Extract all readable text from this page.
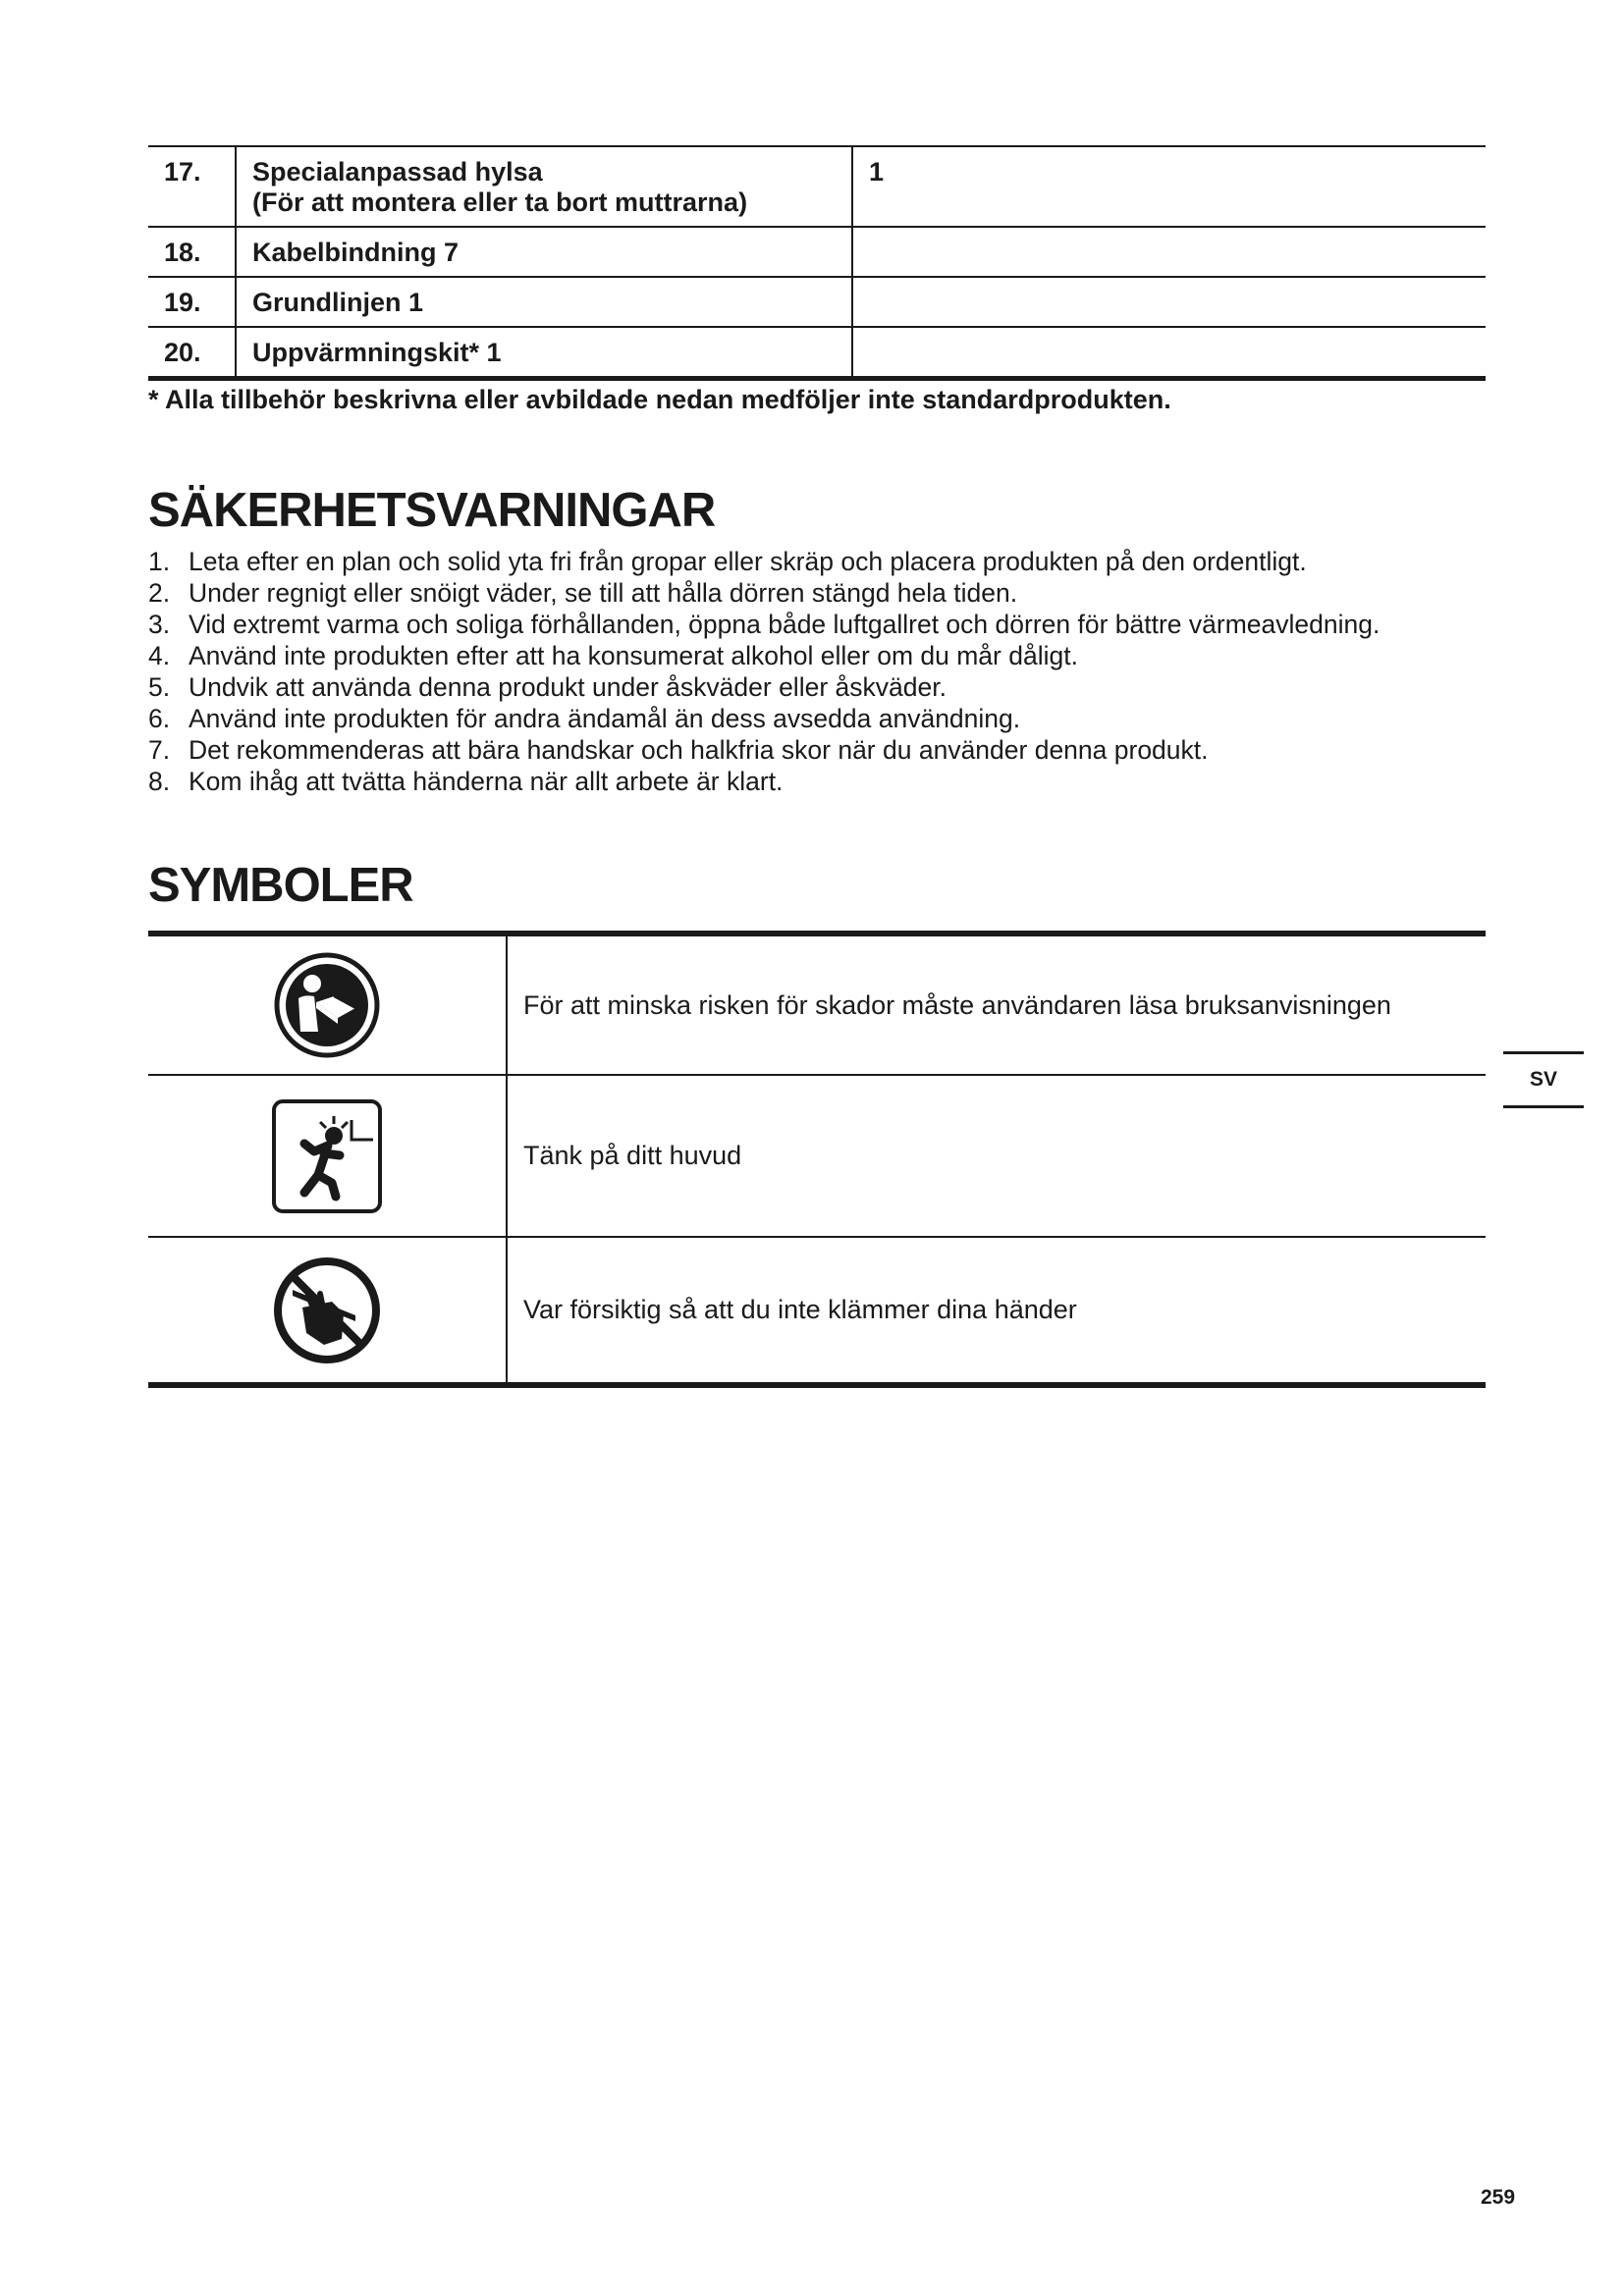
17.	Specialanpassad hylsa
(För att montera eller ta bort muttrarna)	1
18.	Kabelbindning 7	
19.	Grundlinjen 1	
20.	Uppvärmningskit* 1	

* Alla tillbehör beskrivna eller avbildade nedan medföljer inte standardprodukten.

SÄKERHETSVARNINGAR
1. Leta efter en plan och solid yta fri från gropar eller skräp och placera produkten på den ordentligt.
2. Under regnigt eller snöigt väder, se till att hålla dörren stängd hela tiden.
3. Vid extremt varma och soliga förhållanden, öppna både luftgallret och dörren för bättre värmeavledning.
4. Använd inte produkten efter att ha konsumerat alkohol eller om du mår dåligt.
5. Undvik att använda denna produkt under åskväder eller åskväder.
6. Använd inte produkten för andra ändamål än dess avsedda användning.
7. Det rekommenderas att bära handskar och halkfria skor när du använder denna produkt.
8. Kom ihåg att tvätta händerna när allt arbete är klart.
SYMBOLER
	För att minska risken för skador måste användaren läsa bruksanvisningen
	Tänk på ditt huvud
	Var försiktig så att du inte klämmer dina händer
SV
259
